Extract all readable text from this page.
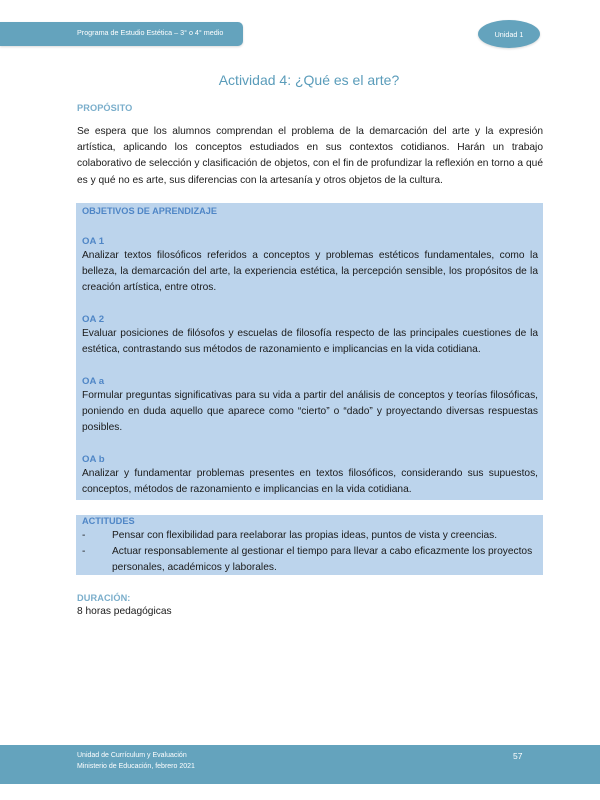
Programa de Estudio Estética – 3° o 4° medio	Unidad 1
Actividad 4: ¿Qué es el arte?
PROPÓSITO
Se espera que los alumnos comprendan el problema de la demarcación del arte y la expresión artística, aplicando los conceptos estudiados en sus contextos cotidianos. Harán un trabajo colaborativo de selección y clasificación de objetos, con el fin de profundizar la reflexión en torno a qué es y qué no es arte, sus diferencias con la artesanía y otros objetos de la cultura.
OBJETIVOS DE APRENDIZAJE
OA 1
Analizar textos filosóficos referidos a conceptos y problemas estéticos fundamentales, como la belleza, la demarcación del arte, la experiencia estética, la percepción sensible, los propósitos de la creación artística, entre otros.
OA 2
Evaluar posiciones de filósofos y escuelas de filosofía respecto de las principales cuestiones de la estética, contrastando sus métodos de razonamiento e implicancias en la vida cotidiana.
OA a
Formular preguntas significativas para su vida a partir del análisis de conceptos y teorías filosóficas, poniendo en duda aquello que aparece como “cierto” o “dado” y proyectando diversas respuestas posibles.
OA b
Analizar y fundamentar problemas presentes en textos filosóficos, considerando sus supuestos, conceptos, métodos de razonamiento e implicancias en la vida cotidiana.
ACTITUDES
-	Pensar con flexibilidad para reelaborar las propias ideas, puntos de vista y creencias.
-	Actuar responsablemente al gestionar el tiempo para llevar a cabo eficazmente los proyectos personales, académicos y laborales.
DURACIÓN:
8 horas pedagógicas
Unidad de Currículum y Evaluación
Ministerio de Educación, febrero 2021
57
